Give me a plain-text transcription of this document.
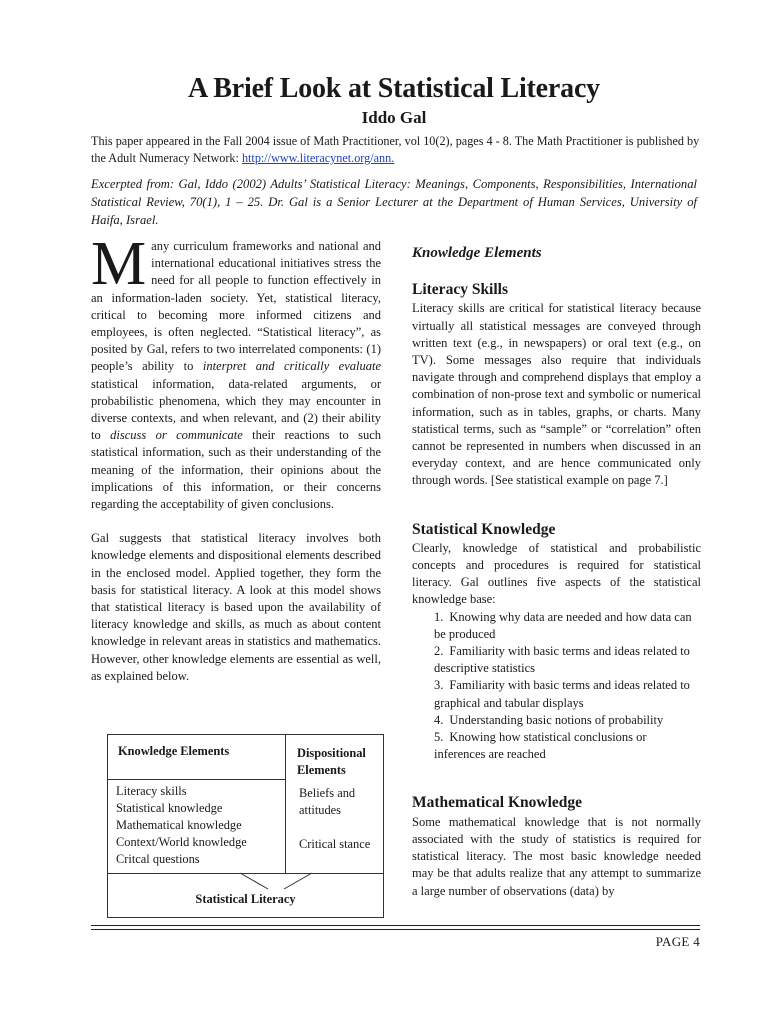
A Brief Look at Statistical Literacy
Iddo Gal
This paper appeared in the Fall 2004 issue of Math Practitioner, vol 10(2), pages 4 - 8. The Math Practitioner is published by the Adult Numeracy Network: http://www.literacynet.org/ann.
Excerpted from: Gal, Iddo (2002) Adults’ Statistical Literacy: Meanings, Components, Responsibilities, International Statistical Review, 70(1), 1 – 25. Dr. Gal is a Senior Lecturer at the Department of Human Services, University of Haifa, Israel.

Many curriculum frameworks and national and international educational initiatives stress the need for all people to function effectively in an information-laden society. Yet, statistical literacy, critical to becoming more informed citizens and employees, is often neglected. “Statistical literacy”, as posited by Gal, refers to two interrelated components: (1) people’s ability to interpret and critically evaluate statistical information, data-related arguments, or probabilistic phenomena, which they may encounter in diverse contexts, and when relevant, and (2) their ability to discuss or communicate their reactions to such statistical information, such as their understanding of the meaning of the information, their opinions about the implications of this information, or their concerns regarding the acceptability of given conclusions.

Gal suggests that statistical literacy involves both knowledge elements and dispositional elements described in the enclosed model. Applied together, they form the basis for statistical literacy. A look at this model shows that statistical literacy is based upon the availability of literacy knowledge and skills, as much as about content knowledge in relevant areas in statistics and mathematics. However, other knowledge elements are essential as well, as explained below.

Knowledge Elements	Dispositional Elements
Literacy skills
Statistical knowledge
Mathematical knowledge
Context/World knowledge
Critcal questions
Beliefs and attitudes
Critical stance
Statistical Literacy
Knowledge Elements
Literacy Skills

Literacy skills are critical for statistical literacy because virtually all statistical messages are conveyed through written text (e.g., in newspapers) or oral text (e.g., on TV). Some messages also require that individuals navigate through and comprehend displays that employ a combination of non-prose text and symbolic or numerical information, such as in tables, graphs, or charts. Many statistical terms, such as “sample” or “correlation” often cannot be represented in numbers when discussed in an everyday context, and are hence communicated only through words. [See statistical example on page 7.]

Statistical Knowledge

Clearly, knowledge of statistical and probabilistic concepts and procedures is required for statistical literacy. Gal outlines five aspects of the statistical knowledge base:

1. Knowing why data are needed and how data can be produced
2. Familiarity with basic terms and ideas related to descriptive statistics
3. Familiarity with basic terms and ideas related to graphical and tabular displays
4. Understanding basic notions of probability
5. Knowing how statistical conclusions or inferences are reached
Mathematical Knowledge

Some mathematical knowledge that is not normally associated with the study of statistics is required for statistical literacy. The most basic knowledge needed may be that adults realize that any attempt to summarize a large number of observations (data) by

PAGE 4
